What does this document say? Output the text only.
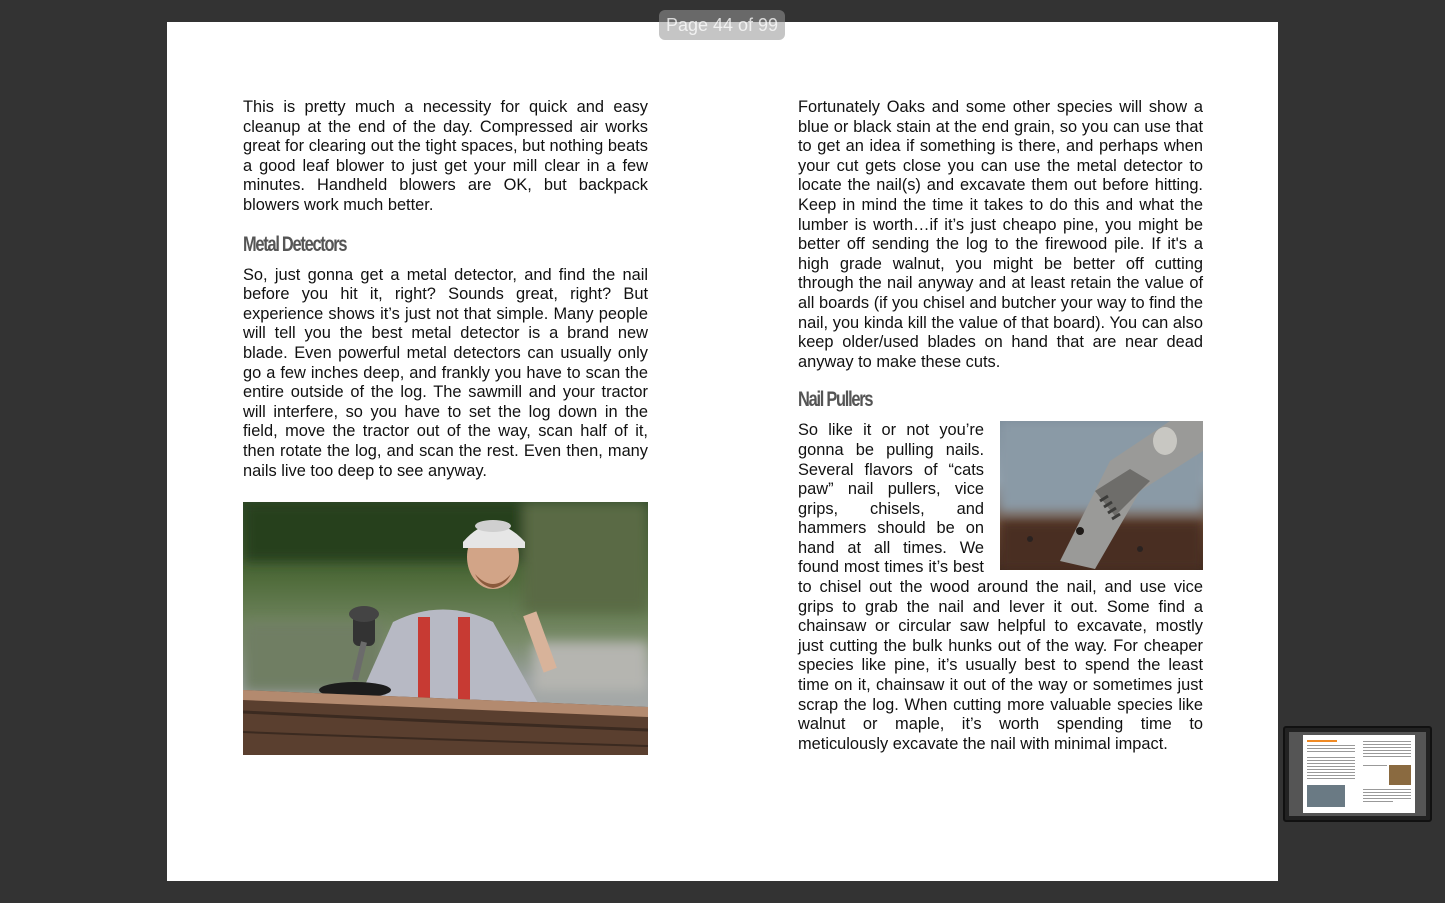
Page 44 of 99

This is pretty much a necessity for quick and easy cleanup at the end of the day. Compressed air works great for clearing out the tight spaces, but nothing beats a good leaf blower to just get your mill clear in a few minutes. Handheld blowers are OK, but backpack blowers work much better.

Metal Detectors

So, just gonna get a metal detector, and find the nail before you hit it, right? Sounds great, right? But experience shows it’s just not that simple. Many people will tell you the best metal detector is a brand new blade. Even powerful metal detectors can usually only go a few inches deep, and frankly you have to scan the entire outside of the log. The sawmill and your tractor will interfere, so you have to set the log down in the field, move the tractor out of the way, scan half of it, then rotate the log, and scan the rest. Even then, many nails live too deep to see anyway.

Fortunately Oaks and some other species will show a blue or black stain at the end grain, so you can use that to get an idea if something is there, and perhaps when your cut gets close you can use the metal detector to locate the nail(s) and excavate them out before hitting. Keep in mind the time it takes to do this and what the lumber is worth…if it’s just cheapo pine, you might be better off sending the log to the firewood pile. If it's a high grade walnut, you might be better off cutting through the nail anyway and at least retain the value of all boards (if you chisel and butcher your way to find the nail, you kinda kill the value of that board). You can also keep older/used blades on hand that are near dead anyway to make these cuts.

Nail Pullers

So like it or not you’re gonna be pulling nails. Several flavors of “cats paw” nail pullers, vice grips, chisels, and hammers should be on hand at all times. We found most times it’s best to chisel out the wood around the nail, and use vice grips to grab the nail and lever it out. Some find a chainsaw or circular saw helpful to excavate, mostly just cutting the bulk hunks out of the way. For cheaper species like pine, it’s usually best to spend the least time on it, chainsaw it out of the way or sometimes just scrap the log. When cutting more valuable species like walnut or maple, it’s worth spending time to meticulously excavate the nail with minimal impact.
